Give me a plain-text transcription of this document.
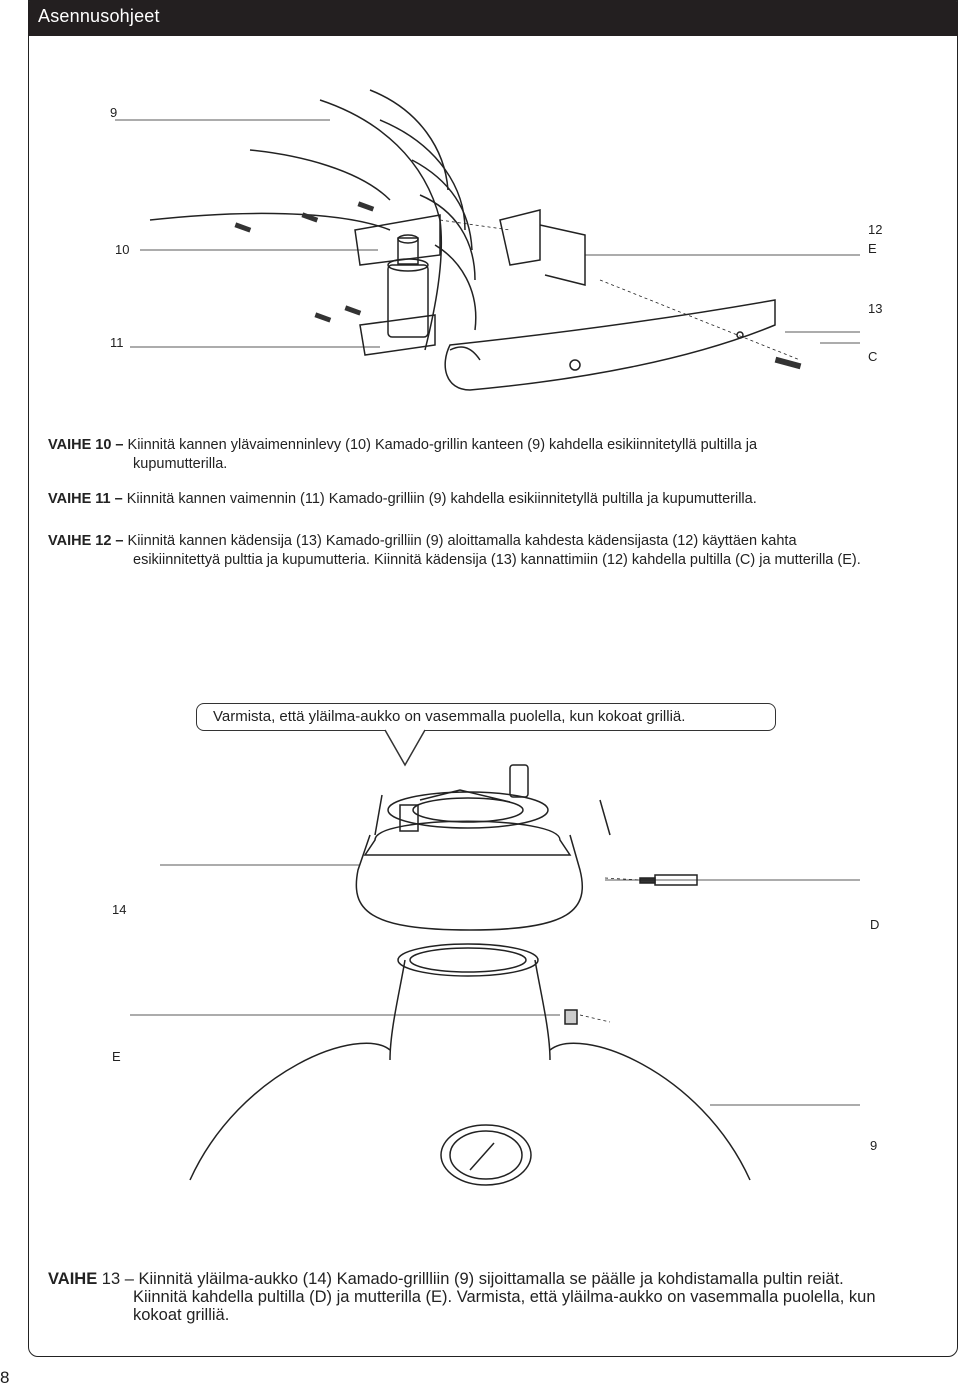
Asennusohjeet
9
10
11
12
E
13
C
VAIHE 10 – Kiinnitä kannen ylävaimenninlevy (10) Kamado-grillin kanteen (9) kahdella esikiinnitetyllä pultilla ja
kupumutterilla.
VAIHE 11 – Kiinnitä kannen vaimennin (11) Kamado-grilliin (9) kahdella esikiinnitetyllä pultilla ja kupumutterilla.
VAIHE 12 – Kiinnitä kannen kädensija (13) Kamado-grilliin (9) aloittamalla kahdesta kädensijasta (12) käyttäen kahta
esikiinnitettyä pulttia ja kupumutteria. Kiinnitä kädensija (13) kannattimiin (12) kahdella pultilla (C) ja mutterilla (E).
Varmista, että yläilma-aukko on vasemmalla puolella, kun kokoat grilliä.
14
D
E
9
VAIHE 13 – Kiinnitä yläilma-aukko (14) Kamado-grillliin (9) sijoittamalla se päälle ja kohdistamalla pultin reiät.
Kiinnitä kahdella pultilla (D) ja mutterilla (E). Varmista, että yläilma-aukko on vasemmalla puolella, kun
kokoat grilliä.
8
